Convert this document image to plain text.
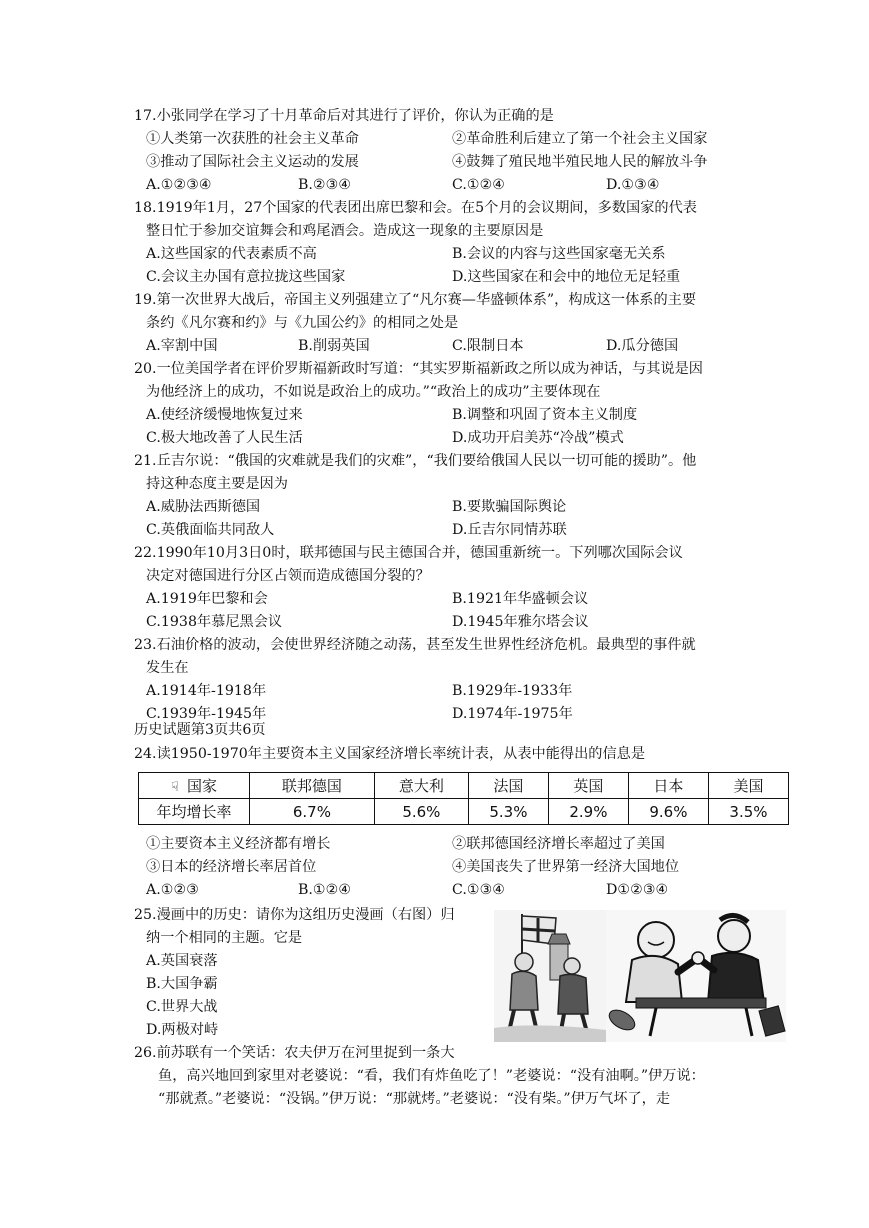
17.小张同学在学习了十月革命后对其进行了评价，你认为正确的是
①人类第一次获胜的社会主义革命	②革命胜利后建立了第一个社会主义国家
③推动了国际社会主义运动的发展	④鼓舞了殖民地半殖民地人民的解放斗争
A.①②③④	B.②③④	C.①②④	D.①③④
18.1919年1月，27个国家的代表团出席巴黎和会。在5个月的会议期间，多数国家的代表
整日忙于参加交谊舞会和鸡尾酒会。造成这一现象的主要原因是
A.这些国家的代表素质不高	B.会议的内容与这些国家毫无关系
C.会议主办国有意拉拢这些国家	D.这些国家在和会中的地位无足轻重
19.第一次世界大战后，帝国主义列强建立了“凡尔赛—华盛顿体系”，构成这一体系的主要
条约《凡尔赛和约》与《九国公约》的相同之处是
A.宰割中国	B.削弱英国	C.限制日本	D.瓜分德国
20.一位美国学者在评价罗斯福新政时写道：“其实罗斯福新政之所以成为神话，与其说是因
为他经济上的成功，不如说是政治上的成功。”“政治上的成功”主要体现在
A.使经济缓慢地恢复过来	B.调整和巩固了资本主义制度
C.极大地改善了人民生活	D.成功开启美苏“冷战”模式
21.丘吉尔说：“俄国的灾难就是我们的灾难”，“我们要给俄国人民以一切可能的援助”。他
持这种态度主要是因为
A.威胁法西斯德国	B.要欺骗国际舆论
C.英俄面临共同敌人	D.丘吉尔同情苏联
22.1990年10月3日0时，联邦德国与民主德国合并，德国重新统一。下列哪次国际会议
决定对德国进行分区占领而造成德国分裂的？
A.1919年巴黎和会	B.1921年华盛顿会议
C.1938年慕尼黑会议	D.1945年雅尔塔会议
23.石油价格的波动，会使世界经济随之动荡，甚至发生世界性经济危机。最典型的事件就
发生在
A.1914年-1918年	B.1929年-1933年
C.1939年-1945年	D.1974年-1975年
历史试题第3页共6页
24.读1950-1970年主要资本主义国家经济增长率统计表，从表中能得出的信息是
☟ 国家	联邦德国	意大利	法国	英国	日本	美国
年均增长率	6.7%	5.6%	5.3%	2.9%	9.6%	3.5%
①主要资本主义经济都有增长	②联邦德国经济增长率超过了美国
③日本的经济增长率居首位	④美国丧失了世界第一经济大国地位
A.①②③	B.①②④	C.①③④	D①②③④
25.漫画中的历史：请你为这组历史漫画（右图）归
纳一个相同的主题。它是
A.英国衰落
B.大国争霸
C.世界大战
D.两极对峙
26.前苏联有一个笑话：农夫伊万在河里捉到一条大
鱼，高兴地回到家里对老婆说：“看，我们有炸鱼吃了！”老婆说：“没有油啊。”伊万说：
“那就煮。”老婆说：“没锅。”伊万说：“那就烤。”老婆说：“没有柴。”伊万气坏了，走
